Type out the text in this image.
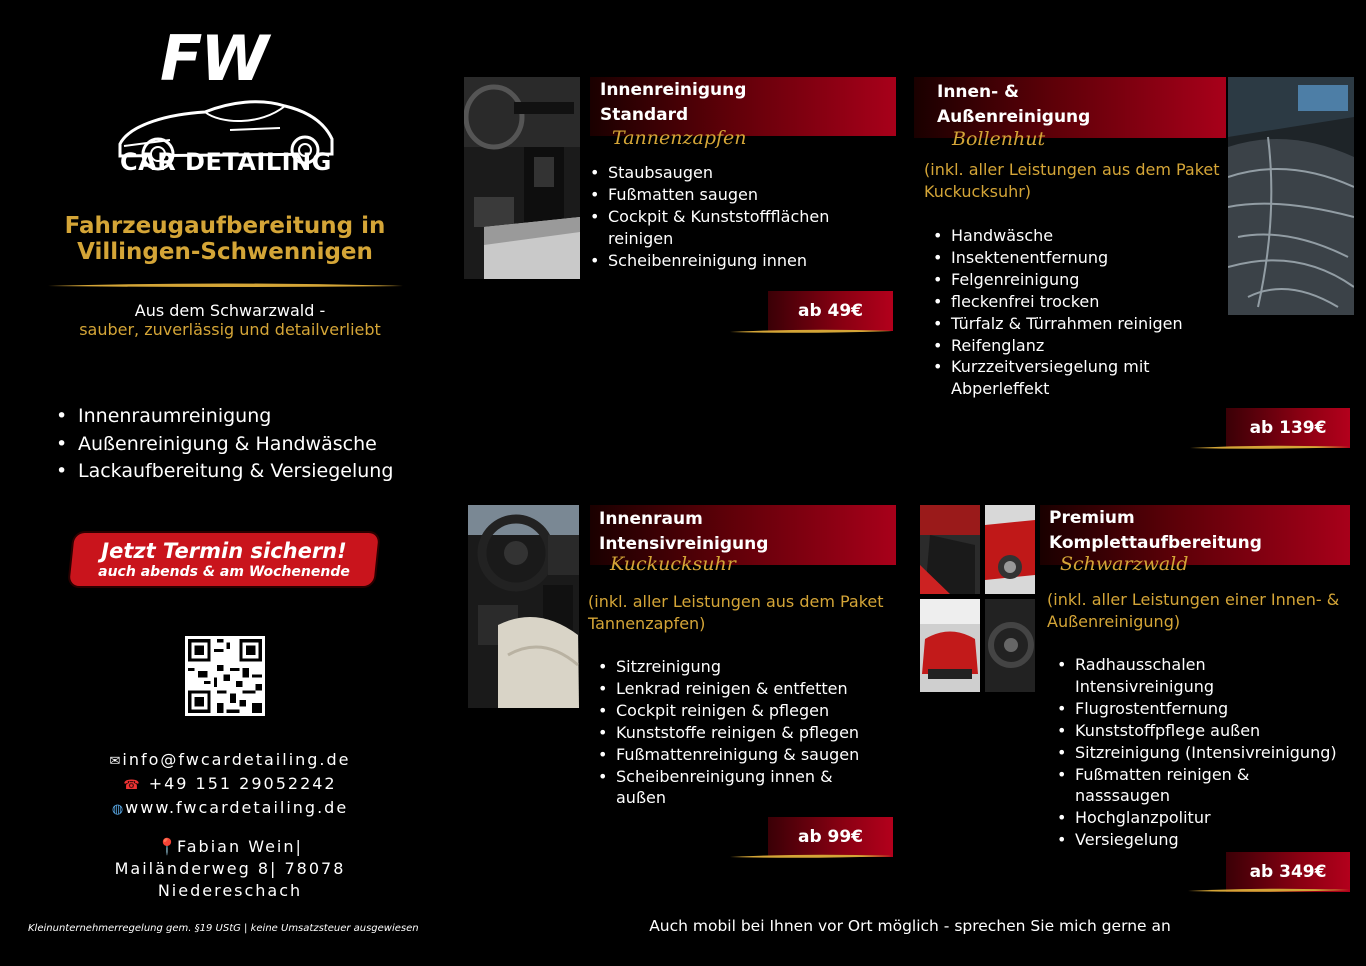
FW
CAR DETAILING
Fahrzeugaufbereitung in
Villingen-Schwennigen
Aus dem Schwarzwald -
sauber, zuverlässig und detailverliebt
• Innenraumreinigung
• Außenreinigung & Handwäsche
• Lackaufbereitung & Versiegelung
Jetzt Termin sichern!
auch abends & am Wochenende
✉ info@fwcardetailing.de
☎ +49 151 29052242
◍ www.fwcardetailing.de
📍Fabian Wein|
Mailänderweg 8| 78078
Niedereschach
Kleinunternehmerregelung gem. §19 UStG | keine Umsatzsteuer ausgewiesen	Auch mobil bei Ihnen vor Ort möglich - sprechen Sie mich gerne an
Innenreinigung
Standard
Tannenzapfen
• Staubsaugen
• Fußmatten saugen
• Cockpit & Kunststoffflächen reinigen
• Scheibenreinigung innen
ab 49€
Innen- &
Außenreinigung
Bollenhut
(inkl. aller Leistungen aus dem Paket
Kuckucksuhr)
• Handwäsche
• Insektenentfernung
• Felgenreinigung
• fleckenfrei trocken
• Türfalz & Türrahmen reinigen
• Reifenglanz
• Kurzzeitversiegelung mit Abperleffekt
ab 139€
Innenraum
Intensivreinigung
Kuckucksuhr
(inkl. aller Leistungen aus dem Paket
Tannenzapfen)
• Sitzreinigung
• Lenkrad reinigen & entfetten
• Cockpit reinigen & pflegen
• Kunststoffe reinigen & pflegen
• Fußmattenreinigung & saugen
• Scheibenreinigung innen & außen
ab 99€
Premium
Komplettaufbereitung
Schwarzwald
(inkl. aller Leistungen einer Innen- &
Außenreinigung)
• Radhausschalen Intensivreinigung
• Flugrostentfernung
• Kunststoffpflege außen
• Sitzreinigung (Intensivreinigung)
• Fußmatten reinigen & nasssaugen
• Hochglanzpolitur
• Versiegelung
ab 349€
